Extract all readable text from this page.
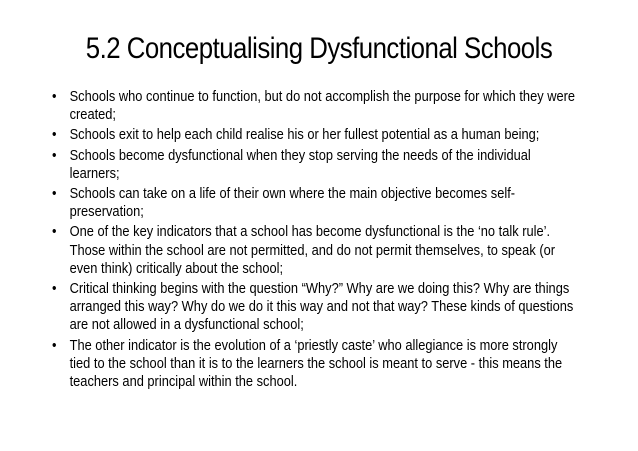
5.2 Conceptualising Dysfunctional Schools
• Schools who continue to function, but do not accomplish the purpose for which they were created;
• Schools exit to help each child realise his or her fullest potential as a human being;
• Schools become dysfunctional when they stop serving the needs of the individual learners;
• Schools can take on a life of their own where the main objective becomes self-preservation;
• One of the key indicators that a school has become dysfunctional is the ‘no talk rule’. Those within the school are not permitted, and do not permit themselves, to speak (or even think) critically about the school;
• Critical thinking begins with the question “Why?” Why are we doing this? Why are things arranged this way? Why do we do it this way and not that way? These kinds of questions are not allowed in a dysfunctional school;
• The other indicator is the evolution of a ‘priestly caste’ who allegiance is more strongly tied to the school than it is to the learners the school is meant to serve - this means the teachers and principal within the school.
